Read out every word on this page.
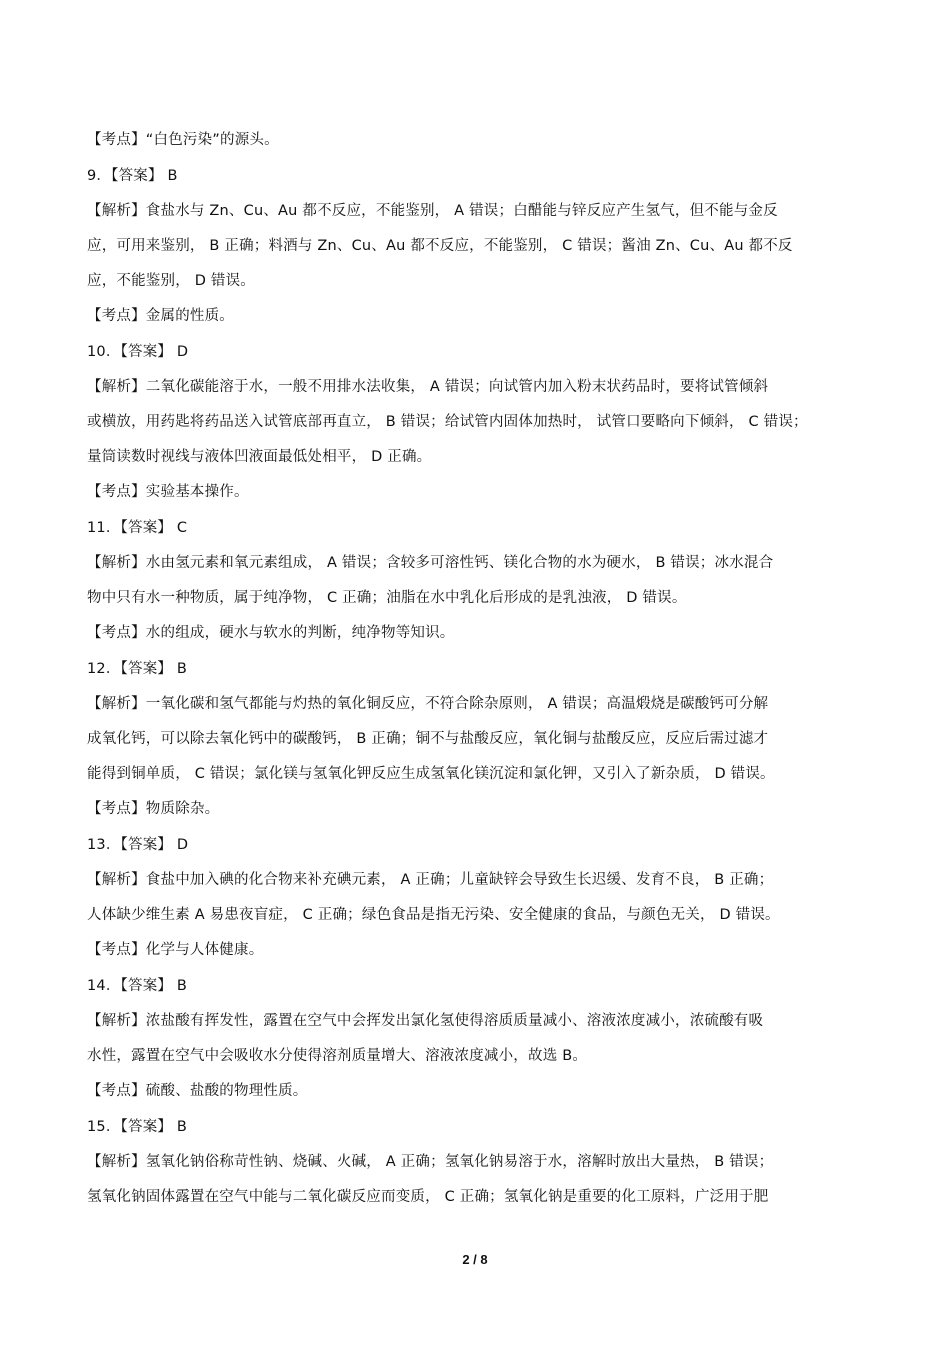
【考点】“白色污染”的源头。
9．【答案】 B
【解析】食盐水与 Zn、Cu、Au 都不反应，不能鉴别， A 错误；白醋能与锌反应产生氢气，但不能与金反
应，可用来鉴别， B 正确；料酒与 Zn、Cu、Au 都不反应，不能鉴别， C 错误；酱油 Zn、Cu、Au 都不反
应，不能鉴别， D 错误。
【考点】金属的性质。
10．【答案】 D
【解析】二氧化碳能溶于水，一般不用排水法收集， A 错误；向试管内加入粉末状药品时，要将试管倾斜
或横放，用药匙将药品送入试管底部再直立， B 错误；给试管内固体加热时， 试管口要略向下倾斜， C 错误；
量筒读数时视线与液体凹液面最低处相平， D 正确。
【考点】实验基本操作。
11．【答案】 C
【解析】水由氢元素和氧元素组成， A 错误；含较多可溶性钙、镁化合物的水为硬水， B 错误；冰水混合
物中只有水一种物质，属于纯净物， C 正确；油脂在水中乳化后形成的是乳浊液， D 错误。
【考点】水的组成，硬水与软水的判断，纯净物等知识。
12．【答案】 B
【解析】一氧化碳和氢气都能与灼热的氧化铜反应，不符合除杂原则， A 错误；高温煅烧是碳酸钙可分解
成氧化钙，可以除去氧化钙中的碳酸钙， B 正确；铜不与盐酸反应，氧化铜与盐酸反应，反应后需过滤才
能得到铜单质， C 错误；氯化镁与氢氧化钾反应生成氢氧化镁沉淀和氯化钾，又引入了新杂质， D 错误。
【考点】物质除杂。
13．【答案】 D
【解析】食盐中加入碘的化合物来补充碘元素， A 正确；儿童缺锌会导致生长迟缓、发育不良， B 正确；
人体缺少维生素 A 易患夜盲症， C 正确；绿色食品是指无污染、安全健康的食品，与颜色无关， D 错误。
【考点】化学与人体健康。
14．【答案】 B
【解析】浓盐酸有挥发性，露置在空气中会挥发出氯化氢使得溶质质量减小、溶液浓度减小，浓硫酸有吸
水性，露置在空气中会吸收水分使得溶剂质量增大、溶液浓度减小，故选 B。
【考点】硫酸、盐酸的物理性质。
15．【答案】 B
【解析】氢氧化钠俗称苛性钠、烧碱、火碱， A 正确；氢氧化钠易溶于水，溶解时放出大量热， B 错误；
氢氧化钠固体露置在空气中能与二氧化碳反应而变质， C 正确；氢氧化钠是重要的化工原料，广泛用于肥
2 / 8
